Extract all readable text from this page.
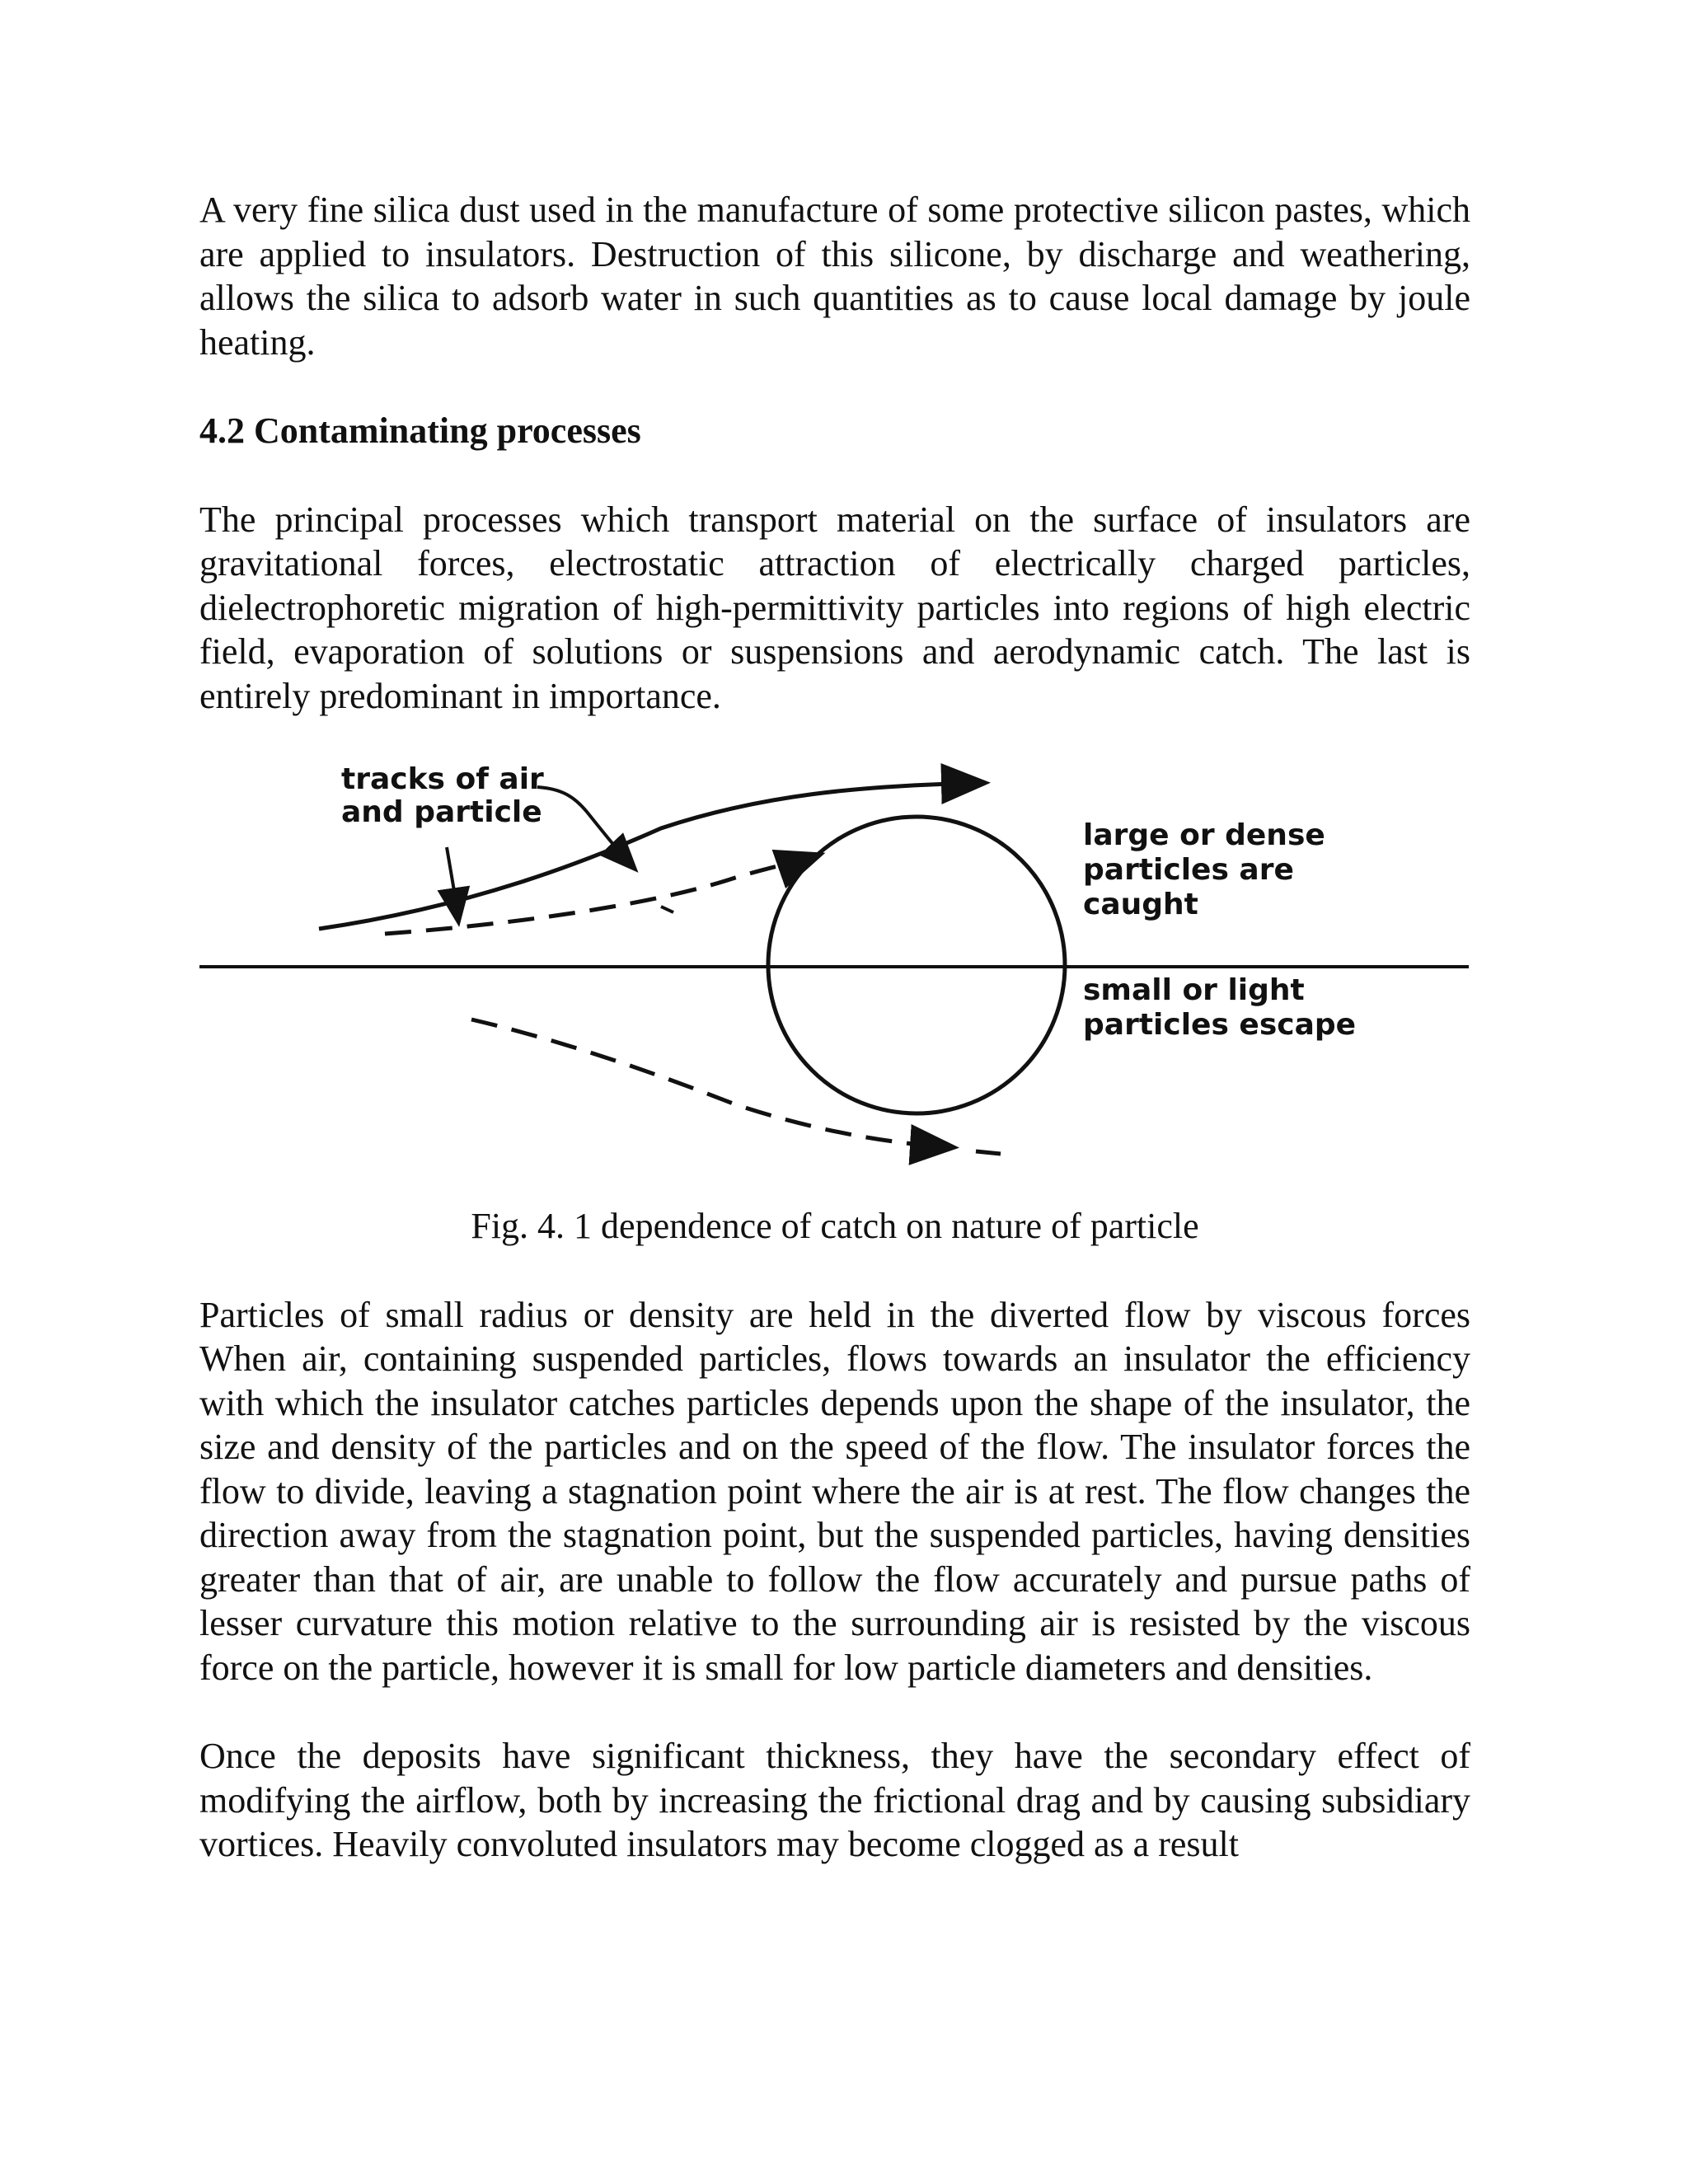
A very fine silica dust used in the manufacture of some protective silicon pastes, which are applied to insulators. Destruction of this silicone, by discharge and weathering, allows the silica to adsorb water in such quantities as to cause local damage by joule heating.

4.2 Contaminating processes

The principal processes which transport material on the surface of insulators are gravitational forces, electrostatic attraction of electrically charged particles, dielectrophoretic migration of high-permittivity particles into regions of high electric field, evaporation of solutions or suspensions and aerodynamic catch. The last is entirely predominant in importance.

tracks of air
and particle
large or dense
particles are
caught
small or light
particles escape

Fig. 4. 1 dependence of catch on nature of particle

Particles of small radius or density are held in the diverted flow by viscous forces When air, containing suspended particles, flows towards an insulator the efficiency with which the insulator catches particles depends upon the shape of the insulator, the size and density of the particles and on the speed of the flow. The insulator forces the flow to divide, leaving a stagnation point where the air is at rest. The flow changes the direction away from the stagnation point, but the suspended particles, having densities greater than that of air, are unable to follow the flow accurately and pursue paths of lesser curvature this motion relative to the surrounding air is resisted by the viscous force on the particle, however it is small for low particle diameters and densities.

Once the deposits have significant thickness, they have the secondary effect of modifying the airflow, both by increasing the frictional drag and by causing subsidiary vortices. Heavily convoluted insulators may become clogged as a result
